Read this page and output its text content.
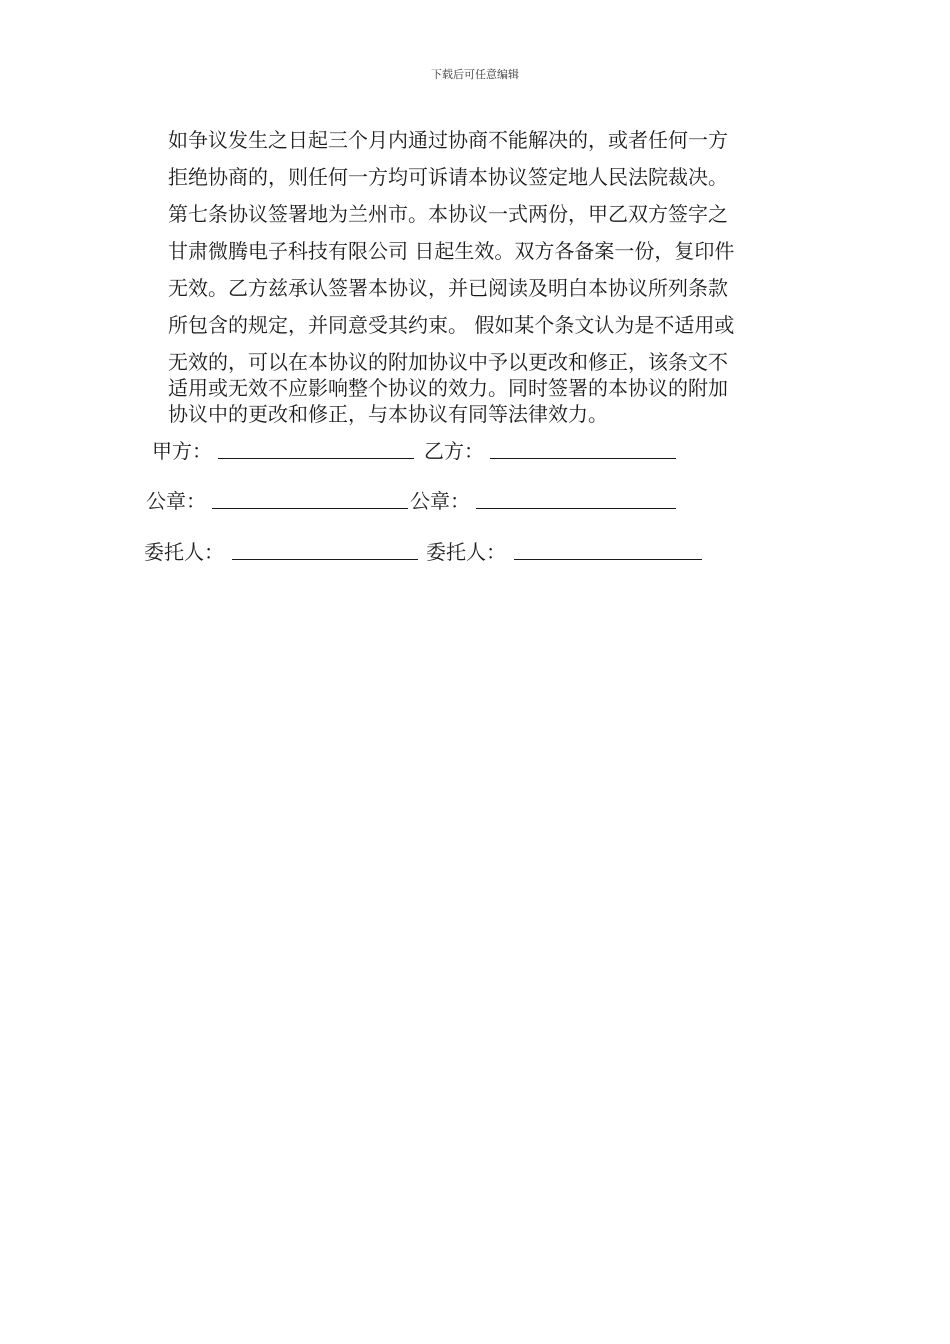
下载后可任意编辑
如争议发生之日起三个月内通过协商不能解决的，或者任何一方
拒绝协商的，则任何一方均可诉请本协议签定地人民法院裁决。
第七条协议签署地为兰州市。本协议一式两份，甲乙双方签字之
甘肃微腾电子科技有限公司 日起生效。双方各备案一份，复印件
无效。乙方兹承认签署本协议，并已阅读及明白本协议所列条款
所包含的规定，并同意受其约束。 假如某个条文认为是不适用或
无效的，可以在本协议的附加协议中予以更改和修正，该条文不
适用或无效不应影响整个协议的效力。同时签署的本协议的附加
协议中的更改和修正，与本协议有同等法律效力。
甲方：	乙方：
公章：	公章：
委托人：	委托人：
